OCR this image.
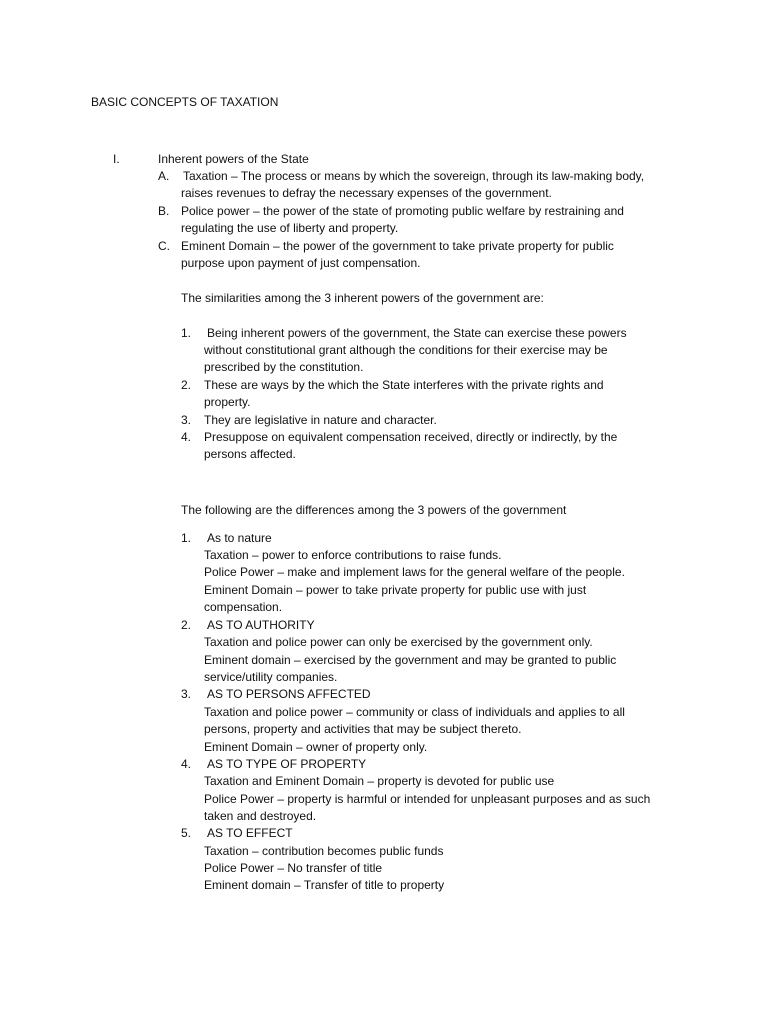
BASIC CONCEPTS OF TAXATION
I.	Inherent powers of the State
A. Taxation – The process or means by which the sovereign, through its law-making body,
raises revenues to defray the necessary expenses of the government.
B. Police power – the power of the state of promoting public welfare by restraining and
regulating the use of liberty and property.
C. Eminent Domain – the power of the government to take private property for public
purpose upon payment of just compensation.
The similarities among the 3 inherent powers of the government are:
1. Being inherent powers of the government, the State can exercise these powers
without constitutional grant although the conditions for their exercise may be
prescribed by the constitution.
2. These are ways by the which the State interferes with the private rights and
property.
3. They are legislative in nature and character.
4. Presuppose on equivalent compensation received, directly or indirectly, by the
persons affected.
The following are the differences among the 3 powers of the government
1. As to nature
Taxation – power to enforce contributions to raise funds.
Police Power – make and implement laws for the general welfare of the people.
Eminent Domain – power to take private property for public use with just
compensation.
2. AS TO AUTHORITY
Taxation and police power can only be exercised by the government only.
Eminent domain – exercised by the government and may be granted to public
service/utility companies.
3. AS TO PERSONS AFFECTED
Taxation and police power – community or class of individuals and applies to all
persons, property and activities that may be subject thereto.
Eminent Domain – owner of property only.
4. AS TO TYPE OF PROPERTY
Taxation and Eminent Domain – property is devoted for public use
Police Power – property is harmful or intended for unpleasant purposes and as such
taken and destroyed.
5. AS TO EFFECT
Taxation – contribution becomes public funds
Police Power – No transfer of title
Eminent domain – Transfer of title to property
